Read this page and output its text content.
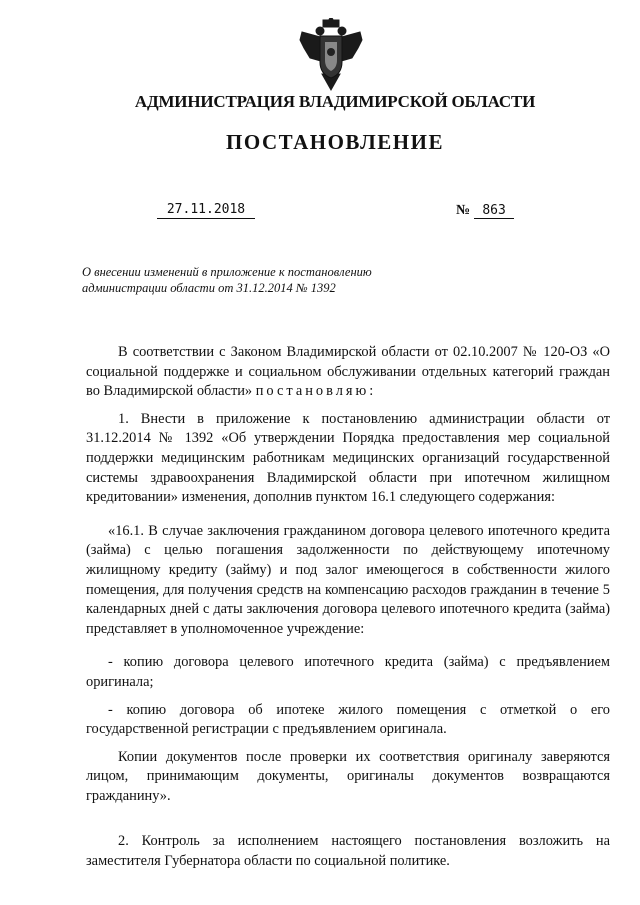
АДМИНИСТРАЦИЯ ВЛАДИМИРСКОЙ ОБЛАСТИ
ПОСТАНОВЛЕНИЕ
27.11.2018	№ 863
О внесении изменений в приложение к постановлению
администрации области от 31.12.2014 № 1392

В соответствии с Законом Владимирской области от 02.10.2007 № 120-ОЗ «О социальной поддержке и социальном обслуживании отдельных категорий граждан во Владимирской области» постановляю:

1. Внести в приложение к постановлению администрации области от 31.12.2014 № 1392 «Об утверждении Порядка предоставления мер социальной поддержки медицинским работникам медицинских организаций государственной системы здравоохранения Владимирской области при ипотечном жилищном кредитовании» изменения, дополнив пунктом 16.1 следующего содержания:

«16.1. В случае заключения гражданином договора целевого ипотечного кредита (займа) с целью погашения задолженности по действующему ипотечному жилищному кредиту (займу) и под залог имеющегося в собственности жилого помещения, для получения средств на компенсацию расходов гражданин в течение 5 календарных дней с даты заключения договора целевого ипотечного кредита (займа) представляет в уполномоченное учреждение:

- копию договора целевого ипотечного кредита (займа) с предъявлением оригинала;

- копию договора об ипотеке жилого помещения с отметкой о его государственной регистрации с предъявлением оригинала.

Копии документов после проверки их соответствия оригиналу заверяются лицом, принимающим документы, оригиналы документов возвращаются гражданину».

2. Контроль за исполнением настоящего постановления возложить на заместителя Губернатора области по социальной политике.
